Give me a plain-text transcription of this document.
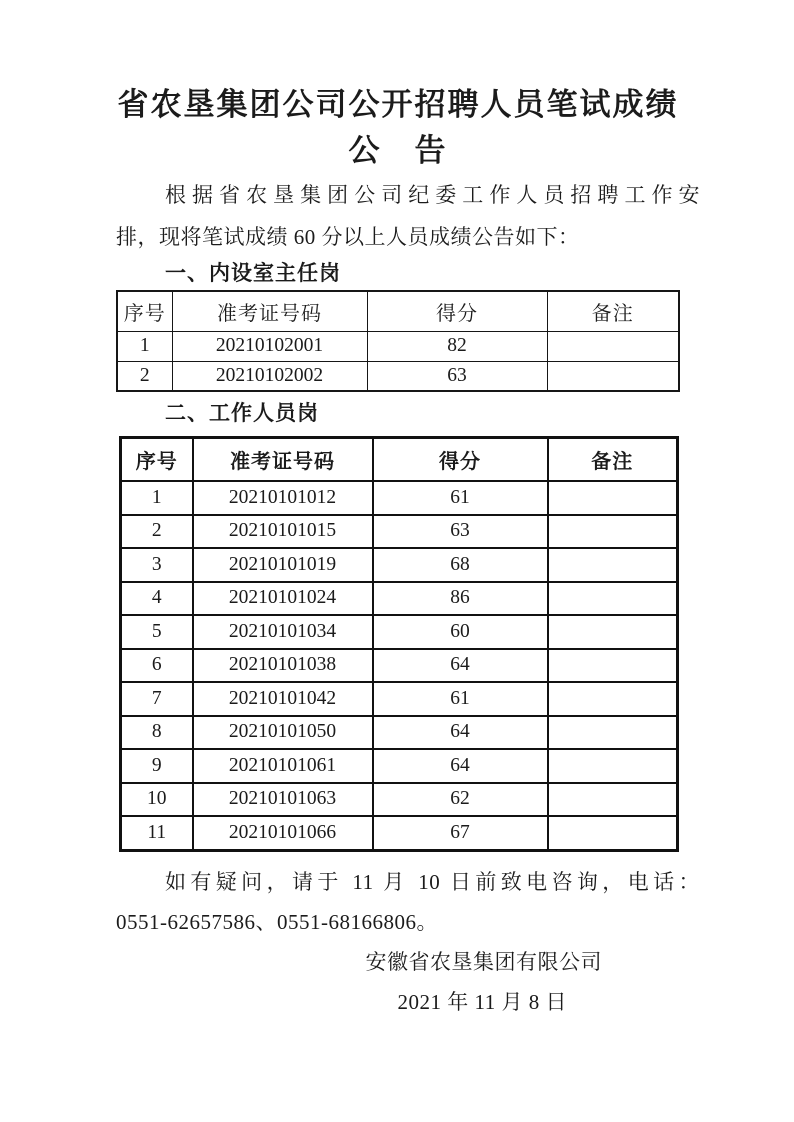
省农垦集团公司公开招聘人员笔试成绩
公　告

根据省农垦集团公司纪委工作人员招聘工作安

排，现将笔试成绩 60 分以上人员成绩公告如下：

一、内设室主任岗
序号	准考证号码	得分	备注
1	20210102001	82	
2	20210102002	63	
二、工作人员岗
序号	准考证号码	得分	备注
1	20210101012	61	
2	20210101015	63	
3	20210101019	68	
4	20210101024	86	
5	20210101034	60	
6	20210101038	64	
7	20210101042	61	
8	20210101050	64	
9	20210101061	64	
10	20210101063	62	
11	20210101066	67	

如有疑问，请于 11 月 10 日前致电咨询，电话：

0551-62657586、0551-68166806。

安徽省农垦集团有限公司

2021 年 11 月 8 日
